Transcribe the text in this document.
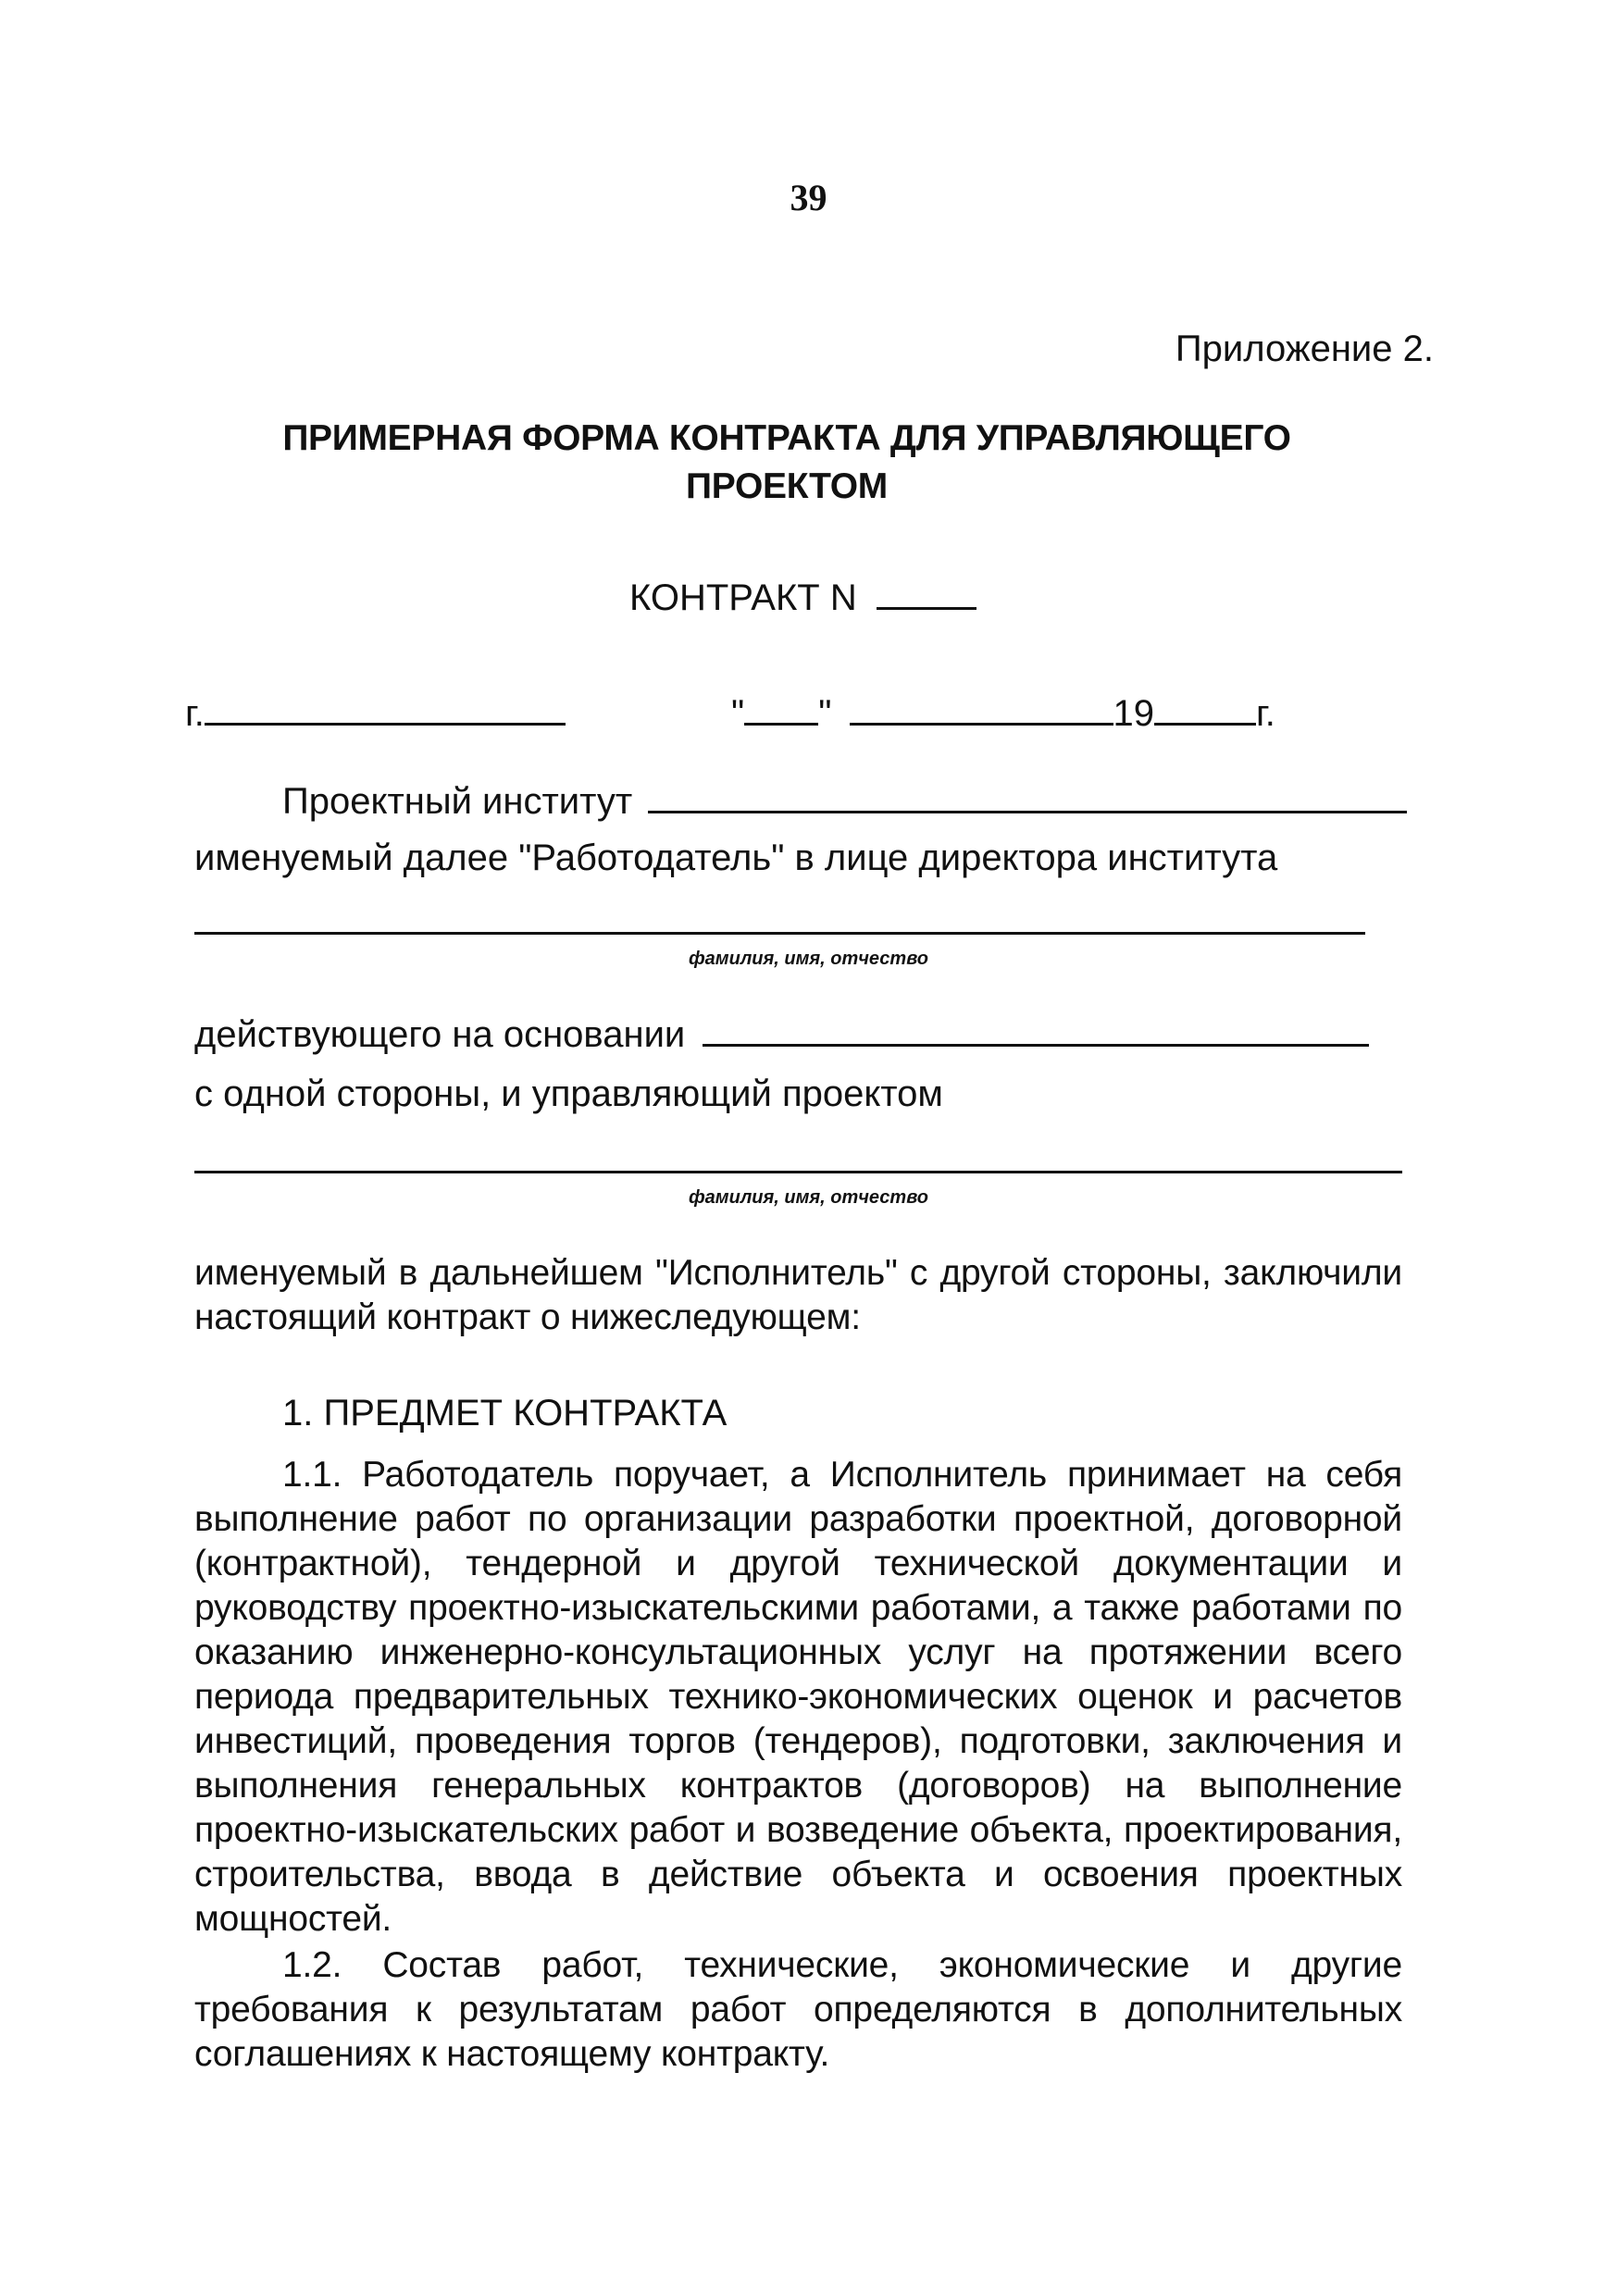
39
Приложение 2.
ПРИМЕРНАЯ ФОРМА КОНТРАКТА ДЛЯ УПРАВЛЯЮЩЕГО ПРОЕКТОМ
КОНТРАКТ N
г.	" "	19	г.
Проектный институт
именуемый далее "Работодатель" в лице директора института
фамилия, имя, отчество
действующего на основании
с одной стороны, и управляющий проектом
фамилия, имя, отчество
именуемый в дальнейшем "Исполнитель" с другой стороны, заключили настоящий контракт о нижеследующем:
1. ПРЕДМЕТ КОНТРАКТА
1.1. Работодатель поручает, а Исполнитель принимает на себя выполнение работ по организации разработки проектной, договорной (контрактной), тендерной и другой технической документации и руководству проектно-изыскательскими работами, а также работами по оказанию инженерно-консультационных услуг на протяжении всего периода предварительных технико-экономических оценок и расчетов инвестиций, проведения торгов (тендеров), подготовки, заключения и выполнения генеральных контрактов (договоров) на выполнение проектно-изыскательских работ и возведение объекта, проектирования, строительства, ввода в действие объекта и освоения проектных мощностей.
1.2. Состав работ, технические, экономические и другие требования к результатам работ определяются в дополнительных соглашениях к настоящему контракту.
